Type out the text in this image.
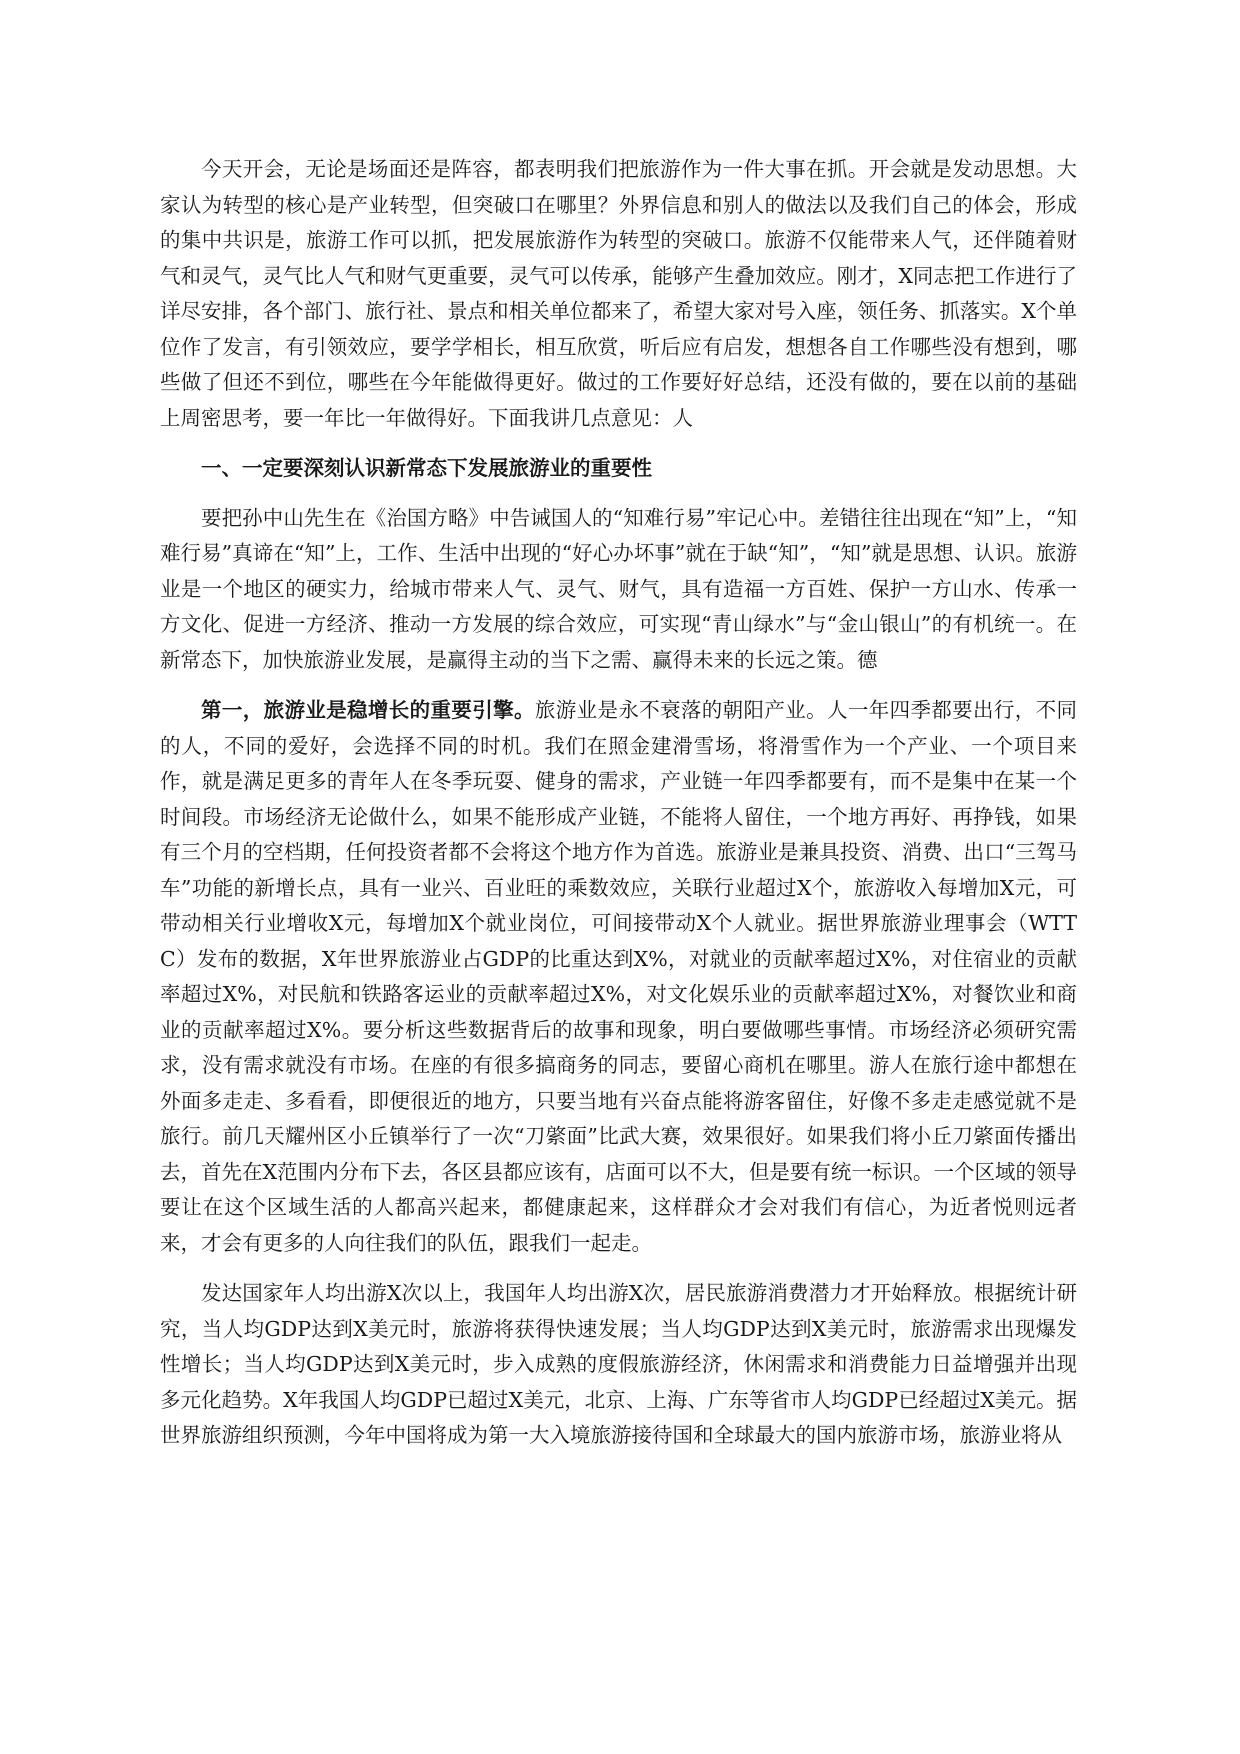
今天开会，无论是场面还是阵容，都表明我们把旅游作为一件大事在抓。开会就是发动思想。大家认为转型的核心是产业转型，但突破口在哪里？外界信息和别人的做法以及我们自己的体会，形成的集中共识是，旅游工作可以抓，把发展旅游作为转型的突破口。旅游不仅能带来人气，还伴随着财气和灵气，灵气比人气和财气更重要，灵气可以传承，能够产生叠加效应。刚才，X同志把工作进行了详尽安排，各个部门、旅行社、景点和相关单位都来了，希望大家对号入座，领任务、抓落实。X个单位作了发言，有引领效应，要学学相长，相互欣赏，听后应有启发，想想各自工作哪些没有想到，哪些做了但还不到位，哪些在今年能做得更好。做过的工作要好好总结，还没有做的，要在以前的基础上周密思考，要一年比一年做得好。下面我讲几点意见：人

一、一定要深刻认识新常态下发展旅游业的重要性

要把孙中山先生在《治国方略》中告诫国人的“知难行易”牢记心中。差错往往出现在“知”上，“知难行易”真谛在“知”上，工作、生活中出现的“好心办坏事”就在于缺“知”，“知”就是思想、认识。旅游业是一个地区的硬实力，给城市带来人气、灵气、财气，具有造福一方百姓、保护一方山水、传承一方文化、促进一方经济、推动一方发展的综合效应，可实现“青山绿水”与“金山银山”的有机统一。在新常态下，加快旅游业发展，是赢得主动的当下之需、赢得未来的长远之策。德

第一，旅游业是稳增长的重要引擎。旅游业是永不衰落的朝阳产业。人一年四季都要出行，不同的人，不同的爱好，会选择不同的时机。我们在照金建滑雪场，将滑雪作为一个产业、一个项目来作，就是满足更多的青年人在冬季玩耍、健身的需求，产业链一年四季都要有，而不是集中在某一个时间段。市场经济无论做什么，如果不能形成产业链，不能将人留住，一个地方再好、再挣钱，如果有三个月的空档期，任何投资者都不会将这个地方作为首选。旅游业是兼具投资、消费、出口“三驾马车”功能的新增长点，具有一业兴、百业旺的乘数效应，关联行业超过X个，旅游收入每增加X元，可带动相关行业增收X元，每增加X个就业岗位，可间接带动X个人就业。据世界旅游业理事会（WTTC）发布的数据，X年世界旅游业占GDP的比重达到X%，对就业的贡献率超过X%，对住宿业的贡献率超过X%，对民航和铁路客运业的贡献率超过X%，对文化娱乐业的贡献率超过X%，对餐饮业和商业的贡献率超过X%。要分析这些数据背后的故事和现象，明白要做哪些事情。市场经济必须研究需求，没有需求就没有市场。在座的有很多搞商务的同志，要留心商机在哪里。游人在旅行途中都想在外面多走走、多看看，即便很近的地方，只要当地有兴奋点能将游客留住，好像不多走走感觉就不是旅行。前几天耀州区小丘镇举行了一次“刀綮面”比武大赛，效果很好。如果我们将小丘刀綮面传播出去，首先在X范围内分布下去，各区县都应该有，店面可以不大，但是要有统一标识。一个区域的领导要让在这个区域生活的人都高兴起来，都健康起来，这样群众才会对我们有信心，为近者悦则远者来，才会有更多的人向往我们的队伍，跟我们一起走。

发达国家年人均出游X次以上，我国年人均出游X次，居民旅游消费潜力才开始释放。根据统计研究，当人均GDP达到X美元时，旅游将获得快速发展；当人均GDP达到X美元时，旅游需求出现爆发性增长；当人均GDP达到X美元时，步入成熟的度假旅游经济，休闲需求和消费能力日益增强并出现多元化趋势。X年我国人均GDP已超过X美元，北京、上海、广东等省市人均GDP已经超过X美元。据世界旅游组织预测，今年中国将成为第一大入境旅游接待国和全球最大的国内旅游市场，旅游业将从
